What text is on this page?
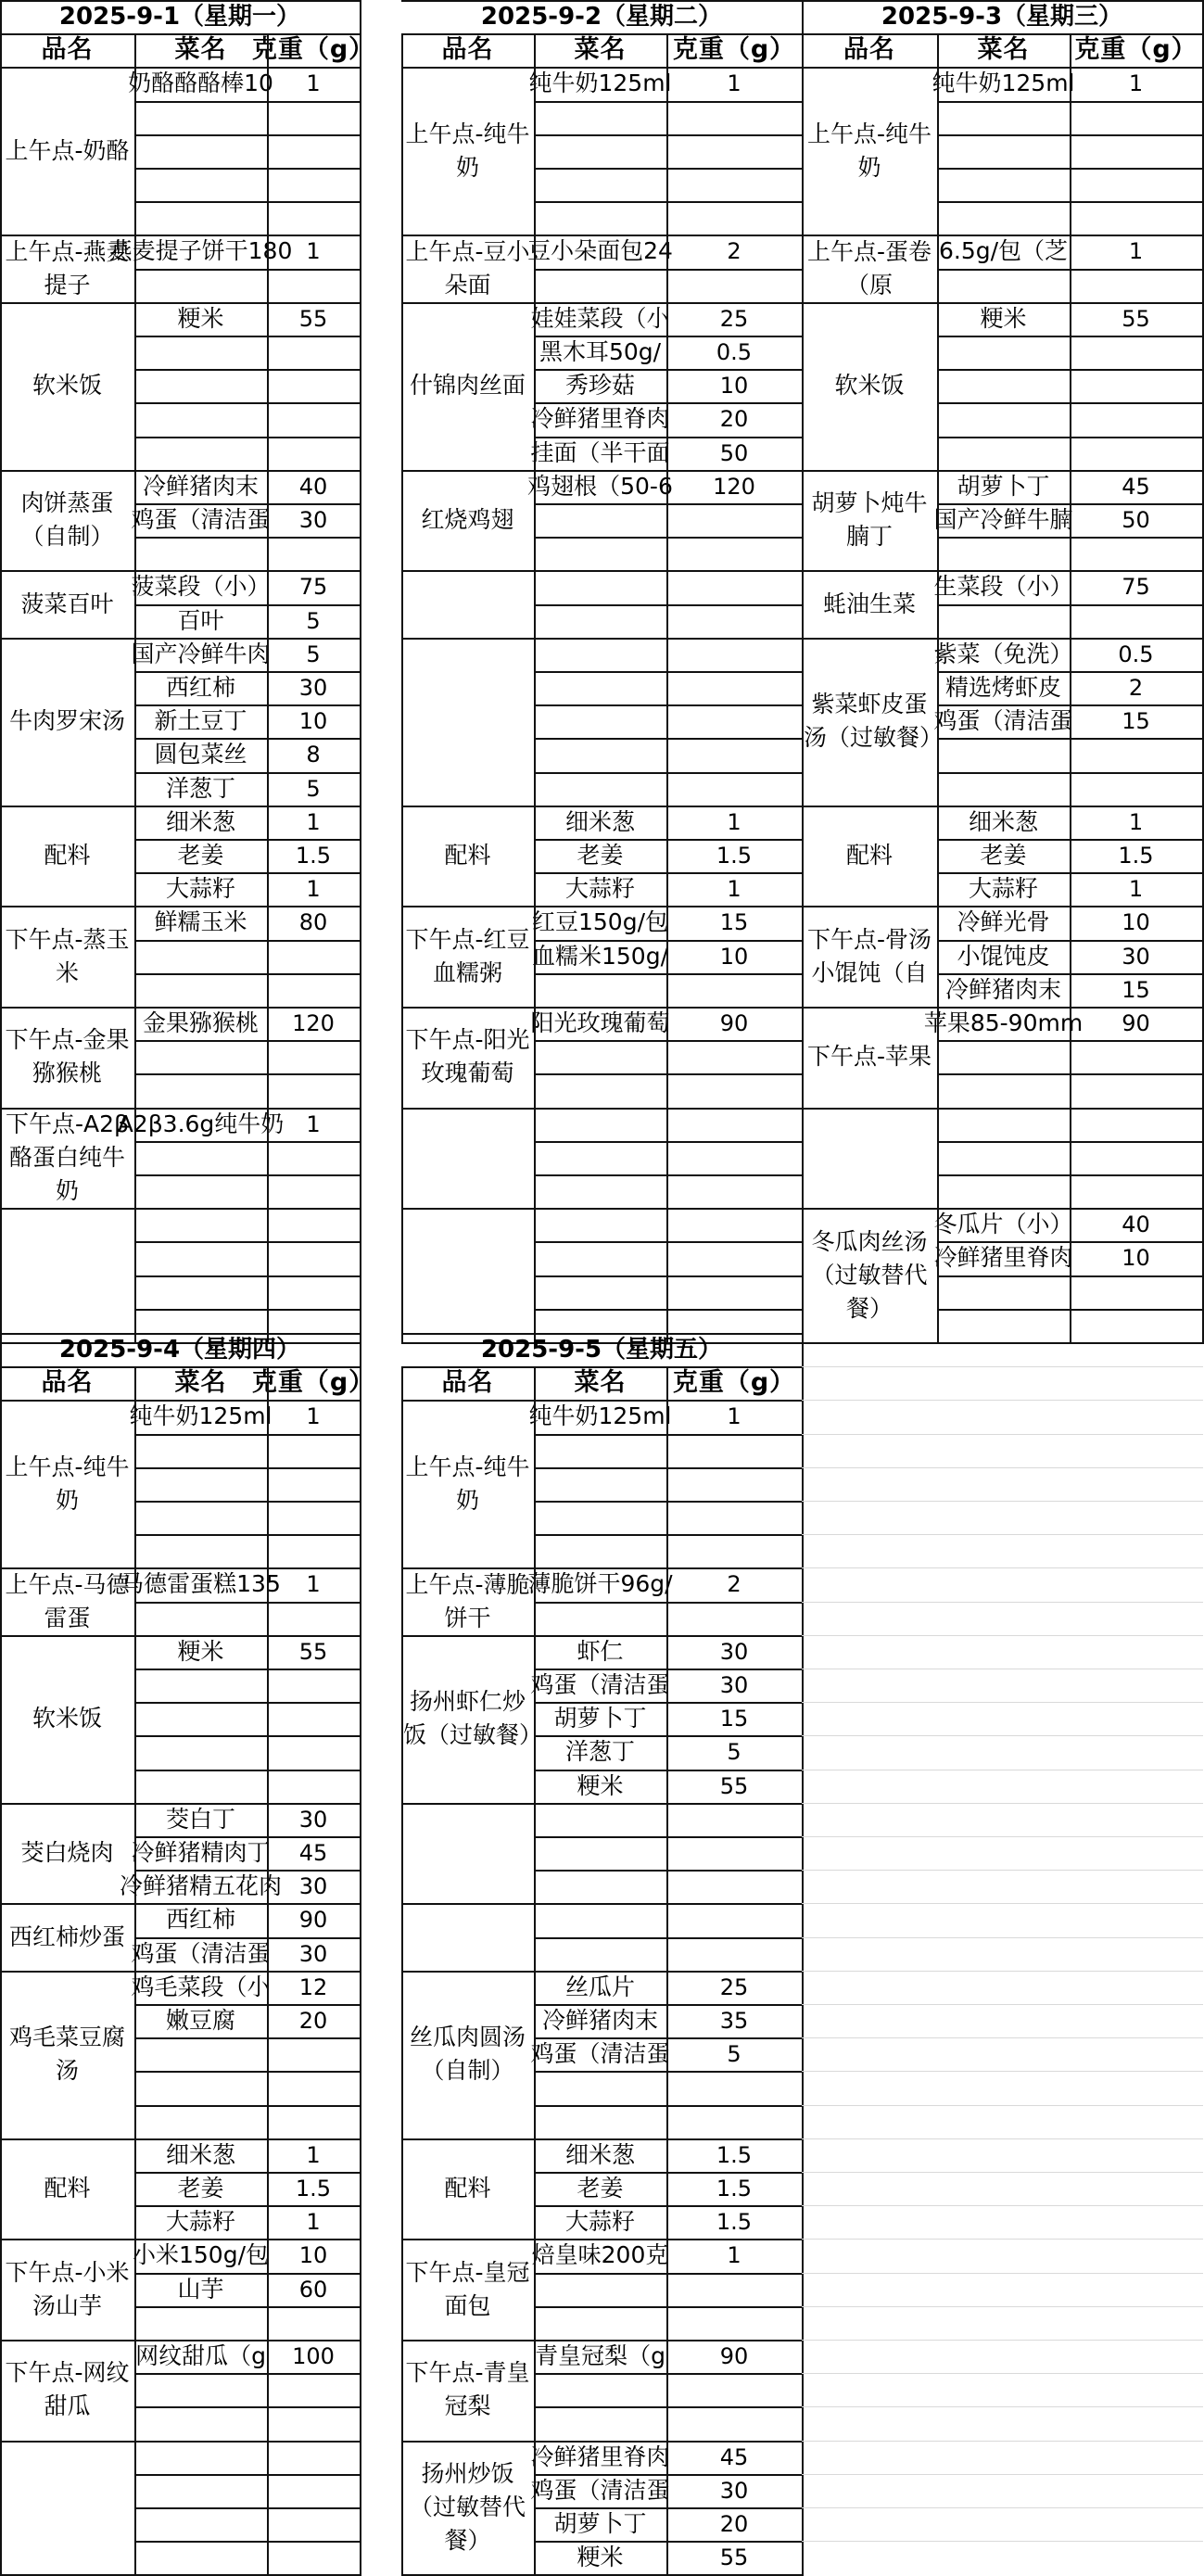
2025-9-1（星期一）
品名	菜名	克重（g）
上午点-奶酪
奶酪酪酪棒10	1
上午点-燕麦提子
燕麦提子饼干180 1
软米饭
粳米	55
肉饼蒸蛋（自制）
冷鲜猪肉末	40
鸡蛋（清洁蛋	30
菠菜百叶
菠菜段（小）	75
百叶	5
牛肉罗宋汤
国产冷鲜牛肉	5
西红柿	30
新土豆丁	10
圆包菜丝	8
洋葱丁	5
配料
细米葱	1
老姜	1.5
大蒜籽	1
下午点-蒸玉米
鲜糯玉米	80
下午点-金果猕猴桃
金果猕猴桃	120
下午点-A2β酪蛋白纯牛奶
A2β3.6g纯牛奶	1
2025-9-2（星期二）
品名	菜名	克重（g）
上午点-纯牛奶
纯牛奶125ml	1
上午点-豆小朵面
豆小朵面包24	2
什锦肉丝面
娃娃菜段（小	25
黑木耳50g/	0.5
秀珍菇	10
冷鲜猪里脊肉	20
挂面（半干面	50
红烧鸡翅
鸡翅根（50-6	120
配料
细米葱	1
老姜	1.5
大蒜籽	1
下午点-红豆血糯粥
红豆150g/包	15
血糯米150g/	10
下午点-阳光玫瑰葡萄
阳光玫瑰葡萄	90
2025-9-3（星期三）
品名	菜名	克重（g）
上午点-纯牛奶
纯牛奶125ml	1
上午点-蛋卷（原
6.5g/包（芝	1
软米饭
粳米	55
胡萝卜炖牛腩丁
胡萝卜丁	45
国产冷鲜牛腩	50
蚝油生菜
生菜段（小）	75
紫菜虾皮蛋汤（过敏餐）
紫菜（免洗）	0.5
精选烤虾皮	2
鸡蛋（清洁蛋	15
配料
细米葱	1
老姜	1.5
大蒜籽	1
下午点-骨汤小馄饨（自
冷鲜光骨	10
小馄饨皮	30
冷鲜猪肉末	15
下午点-苹果
苹果85-90mm	90
冬瓜肉丝汤（过敏替代餐）
冬瓜片（小）	40
冷鲜猪里脊肉	10
2025-9-4（星期四）
品名	菜名	克重（g）
上午点-纯牛奶
纯牛奶125ml	1
上午点-马德雷蛋
马德雷蛋糕135	1
软米饭
粳米	55
茭白烧肉
茭白丁	30
冷鲜猪精肉丁	45
冷鲜猪精五花肉 30
西红柿炒蛋
西红柿	90
鸡蛋（清洁蛋	30
鸡毛菜豆腐汤
鸡毛菜段（小	12
嫩豆腐	20
配料
细米葱	1
老姜	1.5
大蒜籽	1
下午点-小米汤山芋
小米150g/包	10
山芋	60
下午点-网纹甜瓜
网纹甜瓜（g	100
2025-9-5（星期五）
品名	菜名	克重（g）
上午点-纯牛奶
纯牛奶125ml	1
上午点-薄脆饼干
薄脆饼干96g/	2
扬州虾仁炒饭（过敏餐）
虾仁	30
鸡蛋（清洁蛋	30
胡萝卜丁	15
洋葱丁	5
粳米	55
丝瓜肉圆汤（自制）
丝瓜片	25
冷鲜猪肉末	35
鸡蛋（清洁蛋	5
配料
细米葱	1.5
老姜	1.5
大蒜籽	1.5
下午点-皇冠面包
焙皇味200克	1
下午点-青皇冠梨
青皇冠梨（g	90
扬州炒饭（过敏替代餐）
冷鲜猪里脊肉	45
鸡蛋（清洁蛋	30
胡萝卜丁	20
粳米	55
